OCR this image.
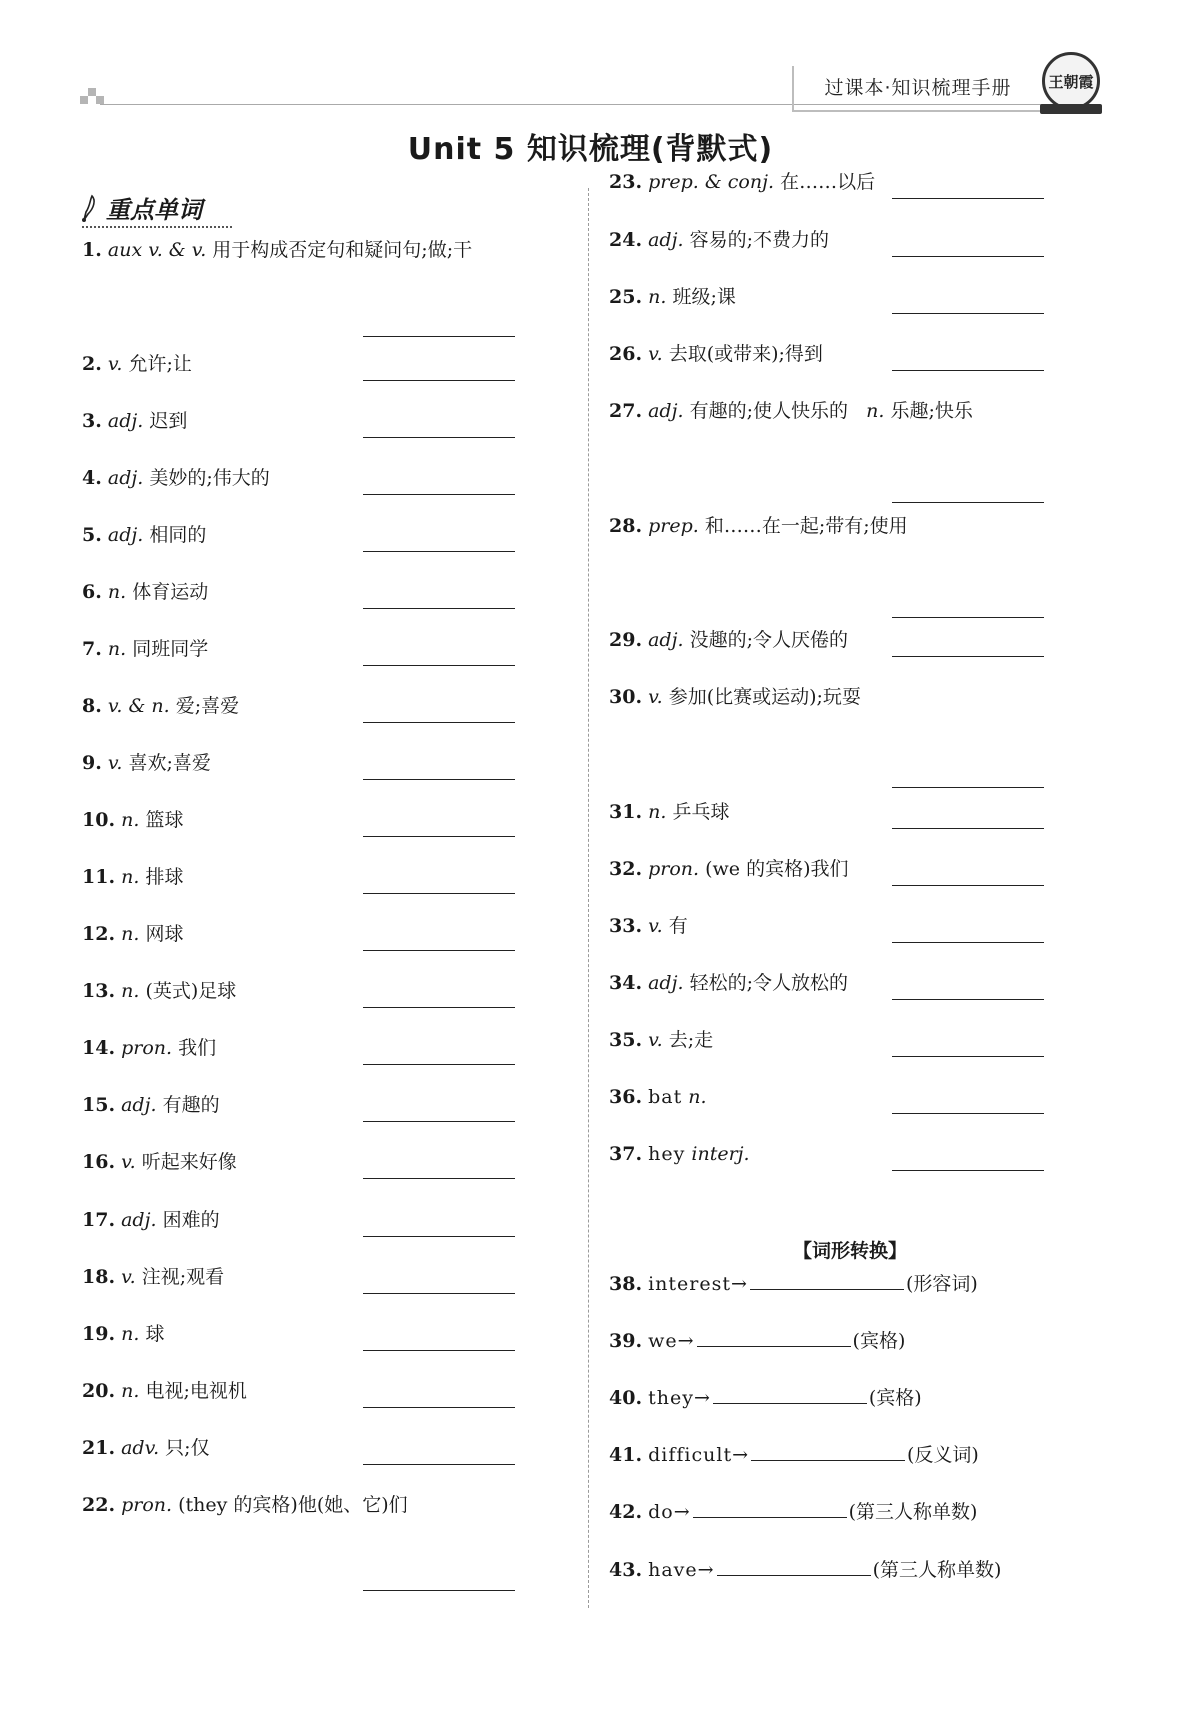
过课本·知识梳理手册	王朝霞
Unit 5 知识梳理(背默式)
重点单词
1. aux v. & v. 用于构成否定句和疑问句;做;干
2. v. 允许;让
3. adj. 迟到
4. adj. 美妙的;伟大的
5. adj. 相同的
6. n. 体育运动
7. n. 同班同学
8. v. & n. 爱;喜爱
9. v. 喜欢;喜爱
10. n. 篮球
11. n. 排球
12. n. 网球
13. n. (英式)足球
14. pron. 我们
15. adj. 有趣的
16. v. 听起来好像
17. adj. 困难的
18. v. 注视;观看
19. n. 球
20. n. 电视;电视机
21. adv. 只;仅
22. pron. (they 的宾格)他(她、它)们
23. prep. & conj. 在……以后
24. adj. 容易的;不费力的
25. n. 班级;课
26. v. 去取(或带来);得到
27. adj. 有趣的;使人快乐的 n. 乐趣;快乐
28. prep. 和……在一起;带有;使用
29. adj. 没趣的;令人厌倦的
30. v. 参加(比赛或运动);玩耍
31. n. 乒乓球
32. pron. (we 的宾格)我们
33. v. 有
34. adj. 轻松的;令人放松的
35. v. 去;走
36. bat n.
37. hey interj.
【词形转换】
38. interest→	(形容词)
39. we→	(宾格)
40. they→	(宾格)
41. difficult→	(反义词)
42. do→	(第三人称单数)
43. have→	(第三人称单数)
